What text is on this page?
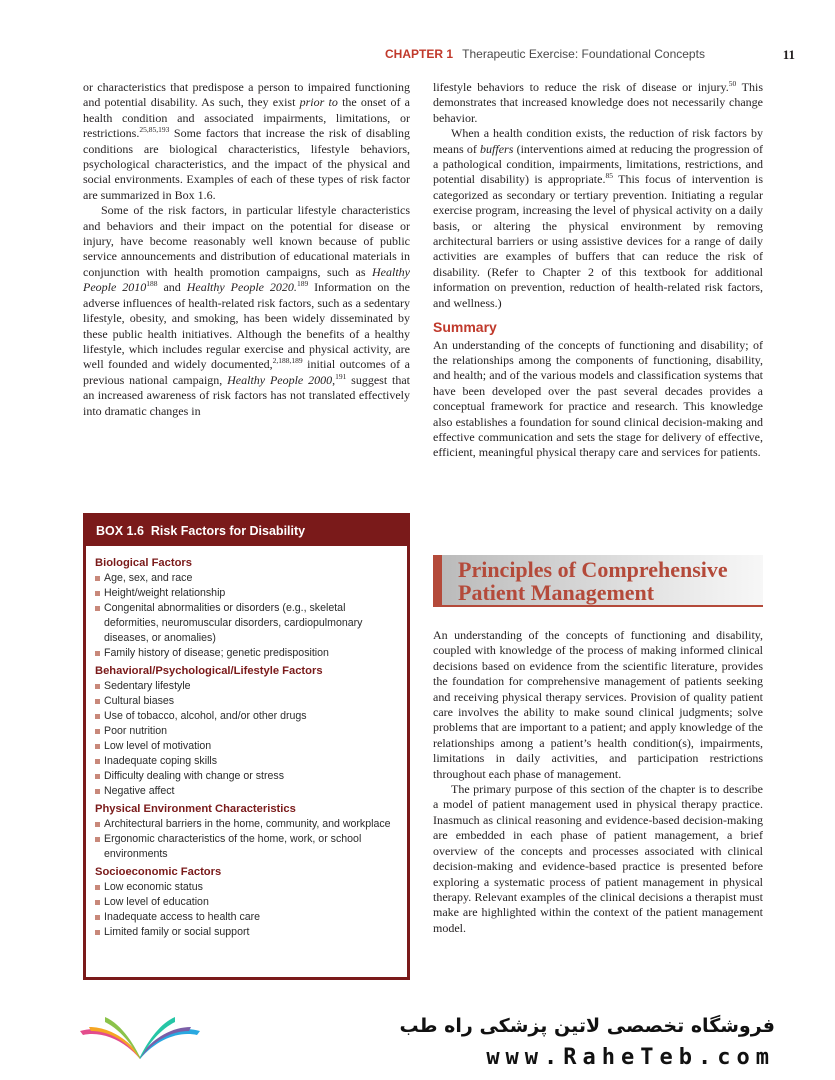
CHAPTER 1 Therapeutic Exercise: Foundational Concepts	11

or characteristics that predispose a person to impaired functioning and potential disability. As such, they exist prior to the onset of a health condition and associated impairments, limitations, or restrictions.$^{25,85,193}$ Some factors that increase the risk of disabling conditions are biological characteristics, lifestyle behaviors, psychological characteristics, and the impact of the physical and social environments. Examples of each of these types of risk factor are summarized in Box 1.6.

Some of the risk factors, in particular lifestyle characteristics and behaviors and their impact on the potential for disease or injury, have become reasonably well known because of public service announcements and distribution of educational materials in conjunction with health promotion campaigns, such as Healthy People 2010$^{188}$ and Healthy People 2020.$^{189}$ Information on the adverse influences of health-related risk factors, such as a sedentary lifestyle, obesity, and smoking, has been widely disseminated by these public health initiatives. Although the benefits of a healthy lifestyle, which includes regular exercise and physical activity, are well founded and widely documented,$^{2,188,189}$ initial outcomes of a previous national campaign, Healthy People 2000,$^{191}$ suggest that an increased awareness of risk factors has not translated effectively into dramatic changes in

lifestyle behaviors to reduce the risk of disease or injury.$^{50}$ This demonstrates that increased knowledge does not necessarily change behavior.

When a health condition exists, the reduction of risk factors by means of buffers (interventions aimed at reducing the progression of a pathological condition, impairments, limitations, restrictions, and potential disability) is appropriate.$^{85}$ This focus of intervention is categorized as secondary or tertiary prevention. Initiating a regular exercise program, increasing the level of physical activity on a daily basis, or altering the physical environment by removing architectural barriers or using assistive devices for a range of daily activities are examples of buffers that can reduce the risk of disability. (Refer to Chapter 2 of this textbook for additional information on prevention, reduction of health-related risk factors, and wellness.)

Summary

An understanding of the concepts of functioning and disability; of the relationships among the components of functioning, disability, and health; and of the various models and classification systems that have been developed over the past several decades provides a conceptual framework for practice and research. This knowledge also establishes a foundation for sound clinical decision-making and effective communication and sets the stage for delivery of effective, efficient, meaningful physical therapy care and services for patients.

BOX 1.6 Risk Factors for Disability
Biological Factors
Age, sex, and race
Height/weight relationship
Congenital abnormalities or disorders (e.g., skeletal deformities, neuromuscular disorders, cardiopulmonary diseases, or anomalies)
Family history of disease; genetic predisposition
Behavioral/Psychological/Lifestyle Factors
Sedentary lifestyle
Cultural biases
Use of tobacco, alcohol, and/or other drugs
Poor nutrition
Low level of motivation
Inadequate coping skills
Difficulty dealing with change or stress
Negative affect
Physical Environment Characteristics
Architectural barriers in the home, community, and workplace
Ergonomic characteristics of the home, work, or school environments
Socioeconomic Factors
Low economic status
Low level of education
Inadequate access to health care
Limited family or social support
Principles of Comprehensive
Patient Management

An understanding of the concepts of functioning and disability, coupled with knowledge of the process of making informed clinical decisions based on evidence from the scientific literature, provides the foundation for comprehensive management of patients seeking and receiving physical therapy services. Provision of quality patient care involves the ability to make sound clinical judgments; solve problems that are important to a patient; and apply knowledge of the relationships among a patient’s health condition(s), impairments, limitations in daily activities, and participation restrictions throughout each phase of management.

The primary purpose of this section of the chapter is to describe a model of patient management used in physical therapy practice. Inasmuch as clinical reasoning and evidence-based decision-making are embedded in each phase of patient management, a brief overview of the concepts and processes associated with clinical decision-making and evidence-based practice is presented before exploring a systematic process of patient management in physical therapy. Relevant examples of the clinical decisions a therapist must make are highlighted within the context of the patient management model.

فروشگاه تخصصی لاتین پزشکی راه طب
www.RaheTeb.com
